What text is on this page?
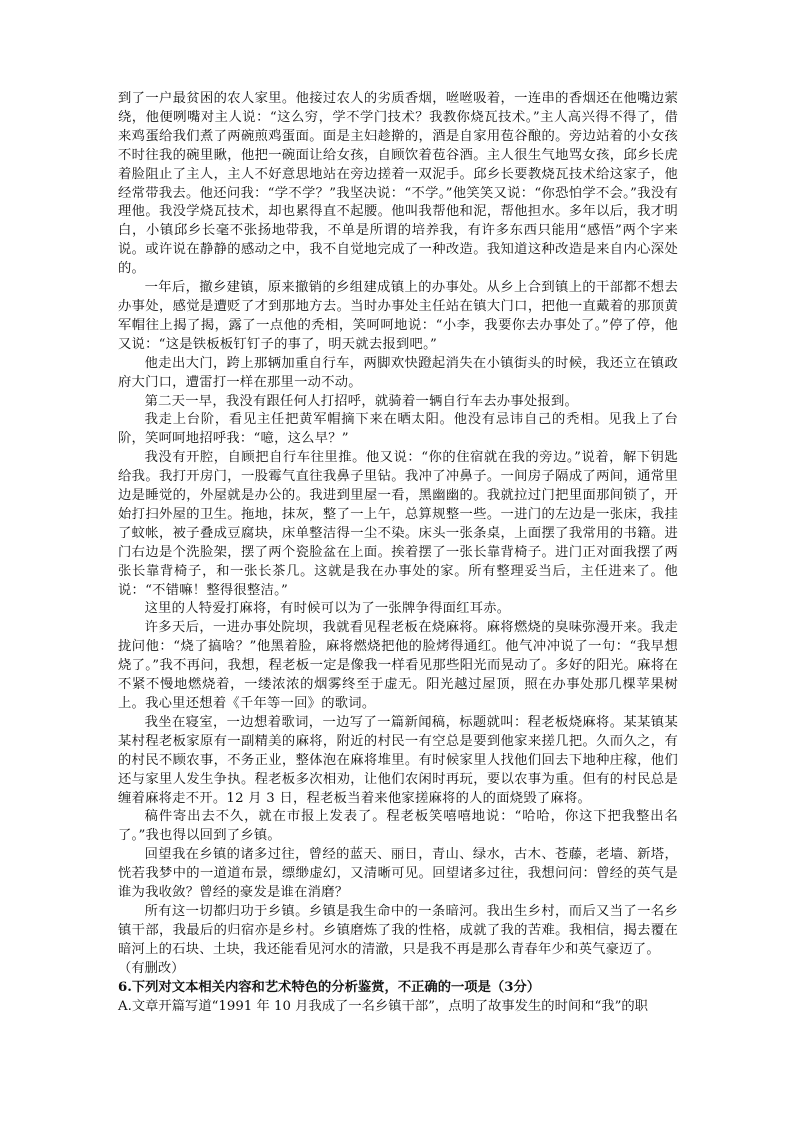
到了一户最贫困的农人家里。他接过农人的劣质香烟，咝咝吸着，一连串的香烟还在他嘴边萦绕，他便咧嘴对主人说：“这么穷，学不学门技术？我教你烧瓦技术。”主人高兴得不得了，借来鸡蛋给我们煮了两碗煎鸡蛋面。面是主妇趁擀的，酒是自家用苞谷酿的。旁边站着的小女孩不时往我的碗里瞅，他把一碗面让给女孩，自顾饮着苞谷酒。主人很生气地骂女孩，邱乡长虎着脸阻止了主人，主人不好意思地站在旁边搓着一双泥手。邱乡长要教烧瓦技术给这家子，他经常带我去。他还问我：“学不学？”我坚决说：“不学。”他笑笑又说：“你恐怕学不会。”我没有理他。我没学烧瓦技术，却也累得直不起腰。他叫我帮他和泥，帮他担水。多年以后，我才明白，小镇邱乡长毫不张扬地带我，不单是所谓的培养我，有许多东西只能用“感悟”两个字来说。或许说在静静的感动之中，我不自觉地完成了一种改造。我知道这种改造是来自内心深处的。

一年后，撤乡建镇，原来撤销的乡组建成镇上的办事处。从乡上合到镇上的干部都不想去办事处，感觉是遭贬了才到那地方去。当时办事处主任站在镇大门口，把他一直戴着的那顶黄军帽往上揭了揭，露了一点他的秃相，笑呵呵地说：“小李，我要你去办事处了。”停了停，他又说：“这是铁板板钉钉子的事了，明天就去报到吧。”

他走出大门，跨上那辆加重自行车，两脚欢快蹬起消失在小镇街头的时候，我还立在镇政府大门口，遭雷打一样在那里一动不动。

第二天一早，我没有跟任何人打招呼，就骑着一辆自行车去办事处报到。

我走上台阶，看见主任把黄军帽摘下来在晒太阳。他没有忌讳自己的秃相。见我上了台阶，笑呵呵地招呼我：“噫，这么早？”

我没有开腔，自顾把自行车往里推。他又说：“你的住宿就在我的旁边。”说着，解下钥匙给我。我打开房门，一股霉气直往我鼻子里钻。我冲了冲鼻子。一间房子隔成了两间，通常里边是睡觉的，外屋就是办公的。我进到里屋一看，黑幽幽的。我就拉过门把里面那间锁了，开始打扫外屋的卫生。拖地，抹灰，整了一上午，总算规整一些。一进门的左边是一张床，我挂了蚊帐，被子叠成豆腐块，床单整洁得一尘不染。床头一张条桌，上面摆了我常用的书籍。进门右边是个洗脸架，摆了两个瓷脸盆在上面。挨着摆了一张长靠背椅子。进门正对面我摆了两张长靠背椅子，和一张长茶几。这就是我在办事处的家。所有整理妥当后，主任进来了。他说：“不错嘛！整得很整洁。”

这里的人特爱打麻将，有时候可以为了一张牌争得面红耳赤。

许多天后，一进办事处院坝，我就看见程老板在烧麻将。麻将燃烧的臭味弥漫开来。我走拢问他：“烧了搞啥？”他黑着脸，麻将燃烧把他的脸烤得通红。他气冲冲说了一句：“我早想烧了。”我不再问，我想，程老板一定是像我一样看见那些阳光而晃动了。多好的阳光。麻将在不紧不慢地燃烧着，一缕浓浓的烟雾终至于虚无。阳光越过屋顶，照在办事处那几棵苹果树上。我心里还想着《千年等一回》的歌词。

我坐在寝室，一边想着歌词，一边写了一篇新闻稿，标题就叫：程老板烧麻将。某某镇某某村程老板家原有一副精美的麻将，附近的村民一有空总是要到他家来搓几把。久而久之，有的村民不顾农事，不务正业，整体泡在麻将堆里。有时候家里人找他们回去下地种庄稼，他们还与家里人发生争执。程老板多次相劝，让他们农闲时再玩，要以农事为重。但有的村民总是缠着麻将走不开。12 月 3 日，程老板当着来他家搓麻将的人的面烧毁了麻将。

稿件寄出去不久，就在市报上发表了。程老板笑嘻嘻地说：“哈哈，你这下把我整出名了。”我也得以回到了乡镇。

回望我在乡镇的诸多过往，曾经的蓝天、丽日，青山、绿水，古木、苍藤，老墙、新塔，恍若我梦中的一道道布景，缥缈虚幻，又清晰可见。回望诸多过往，我想问问：曾经的英气是谁为我收敛？曾经的豪发是谁在消磨？

所有这一切都归功于乡镇。乡镇是我生命中的一条暗河。我出生乡村，而后又当了一名乡镇干部，我最后的归宿亦是乡村。乡镇磨炼了我的性格，成就了我的苦难。我相信，揭去覆在暗河上的石块、土块，我还能看见河水的清澈，只是我不再是那么青春年少和英气豪迈了。

（有删改）

6.下列对文本相关内容和艺术特色的分析鉴赏，不正确的一项是（3分）

A.文章开篇写道“1991 年 10 月我成了一名乡镇干部”，点明了故事发生的时间和“我”的职
